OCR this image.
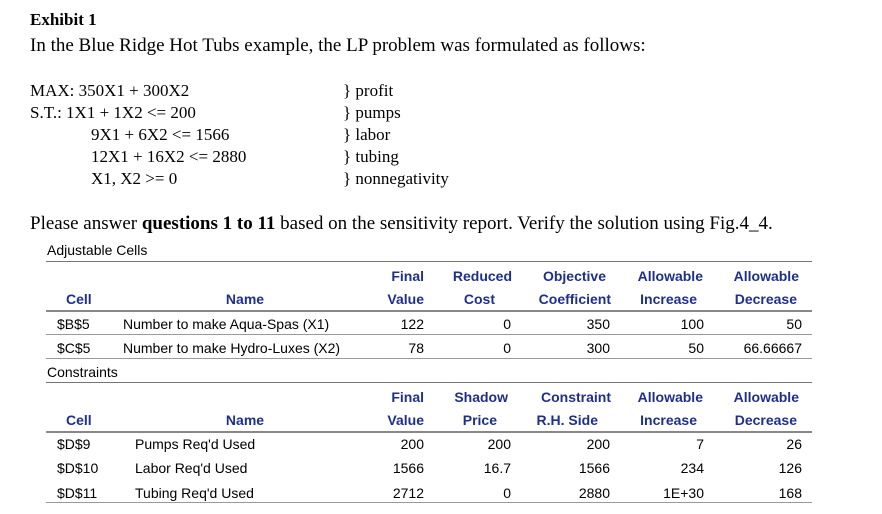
Exhibit 1
In the Blue Ridge Hot Tubs example, the LP problem was formulated as follows:
MAX: 350X1 + 300X2
S.T.: 1X1 + 1X2 <= 200
9X1 + 6X2 <= 1566
12X1 + 16X2 <= 2880
X1, X2 >= 0
} profit
} pumps
} labor
} tubing
} nonnegativity
Please answer questions 1 to 11 based on the sensitivity report. Verify the solution using Fig.4_4.
Adjustable Cells
Final	Reduced	Objective	Allowable	Allowable
Cell	Name	Value	Cost	Coefficient	Increase	Decrease
$B$5 Number to make Aqua-Spas (X1)	122	0	350	100	50
$C$5 Number to make Hydro-Luxes (X2)	78	0	300	50	66.66667
Constraints
Final	Shadow	Constraint	Allowable	Allowable
Cell	Name	Value	Price	R.H. Side	Increase	Decrease
$D$9	Pumps Req'd Used	200	200	200	7	26
$D$10	Labor Req'd Used	1566	16.7	1566	234	126
$D$11	Tubing Req'd Used	2712	0	2880	1E+30	168
